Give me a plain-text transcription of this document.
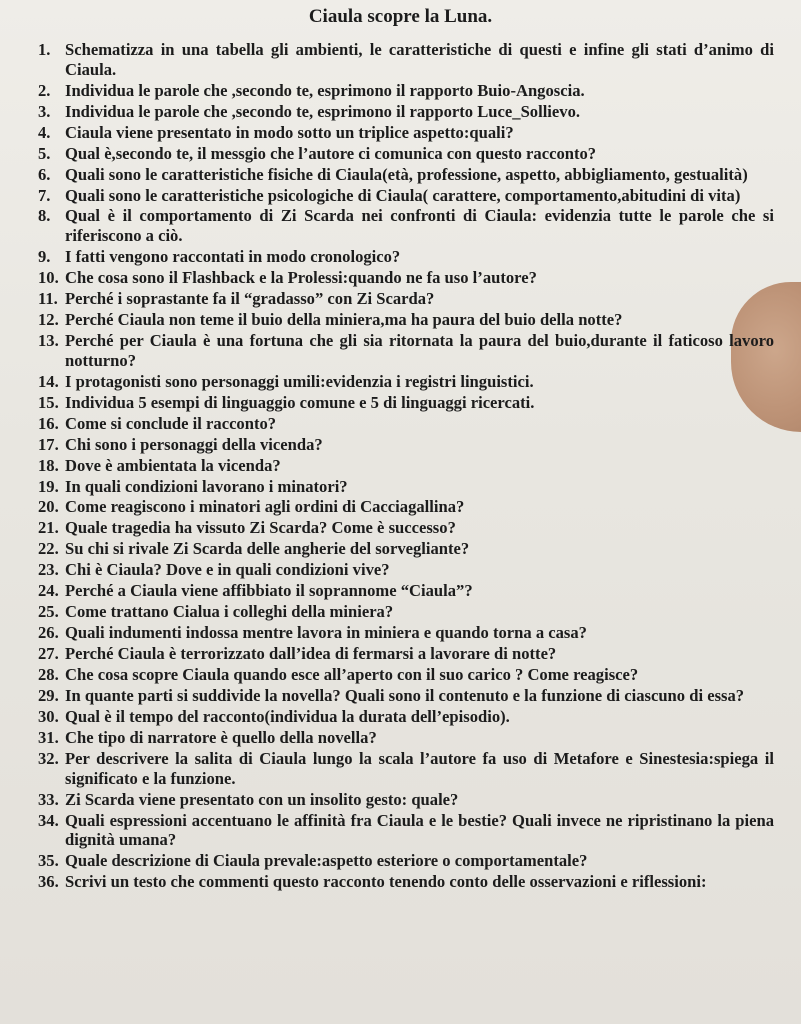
Ciaula scopre la Luna.
1. Schematizza in una tabella gli ambienti, le caratteristiche di questi e infine gli stati d’animo di Ciaula.
2. Individua le parole che ,secondo te, esprimono il rapporto Buio-Angoscia.
3. Individua le parole che ,secondo te, esprimono il rapporto Luce_Sollievo.
4. Ciaula viene presentato in modo sotto un triplice aspetto:quali?
5. Qual è,secondo te, il messgio che l’autore ci comunica con questo racconto?
6. Quali sono le caratteristiche fisiche di Ciaula(età, professione, aspetto, abbigliamento, gestualità)
7. Quali sono le caratteristiche psicologiche di Ciaula( carattere, comportamento,abitudini di vita)
8. Qual è il comportamento di Zi Scarda nei confronti di Ciaula: evidenzia tutte le parole che si riferiscono a ciò.
9. I fatti vengono raccontati in modo cronologico?
10. Che cosa sono il Flashback e la Prolessi:quando ne fa uso l’autore?
11. Perché i soprastante fa il “gradasso” con Zi Scarda?
12. Perché Ciaula non teme il buio della miniera,ma ha paura del buio della notte?
13. Perché per Ciaula è una fortuna che gli sia ritornata la paura del buio,durante il faticoso lavoro notturno?
14. I protagonisti sono personaggi umili:evidenzia i registri linguistici.
15. Individua 5 esempi di linguaggio comune e 5 di linguaggi ricercati.
16. Come si conclude il racconto?
17. Chi sono i personaggi della vicenda?
18. Dove è ambientata la vicenda?
19. In quali condizioni lavorano i minatori?
20. Come reagiscono i minatori agli ordini di Cacciagallina?
21. Quale tragedia ha vissuto Zi Scarda? Come è successo?
22. Su chi si rivale Zi Scarda delle angherie del sorvegliante?
23. Chi è Ciaula? Dove e in quali condizioni vive?
24. Perché a Ciaula viene affibbiato il soprannome “Ciaula”?
25. Come trattano Cialua i colleghi della miniera?
26. Quali indumenti indossa mentre lavora in miniera e quando torna a casa?
27. Perché Ciaula è terrorizzato dall’idea di fermarsi a lavorare di notte?
28. Che cosa scopre Ciaula quando esce all’aperto con il suo carico ? Come reagisce?
29. In quante parti si suddivide la novella? Quali sono il contenuto e la funzione di ciascuno di essa?
30. Qual è il tempo del racconto(individua la durata dell’episodio).
31. Che tipo di narratore è quello della novella?
32. Per descrivere la salita di Ciaula lungo la scala l’autore fa uso di Metafore e Sinestesia:spiega il significato e la funzione.
33. Zi Scarda viene presentato con un insolito gesto: quale?
34. Quali espressioni accentuano le affinità fra Ciaula e le bestie? Quali invece ne ripristinano la piena dignità umana?
35. Quale descrizione di Ciaula prevale:aspetto esteriore o comportamentale?
36. Scrivi un testo che commenti questo racconto tenendo conto delle osservazioni e riflessioni:
